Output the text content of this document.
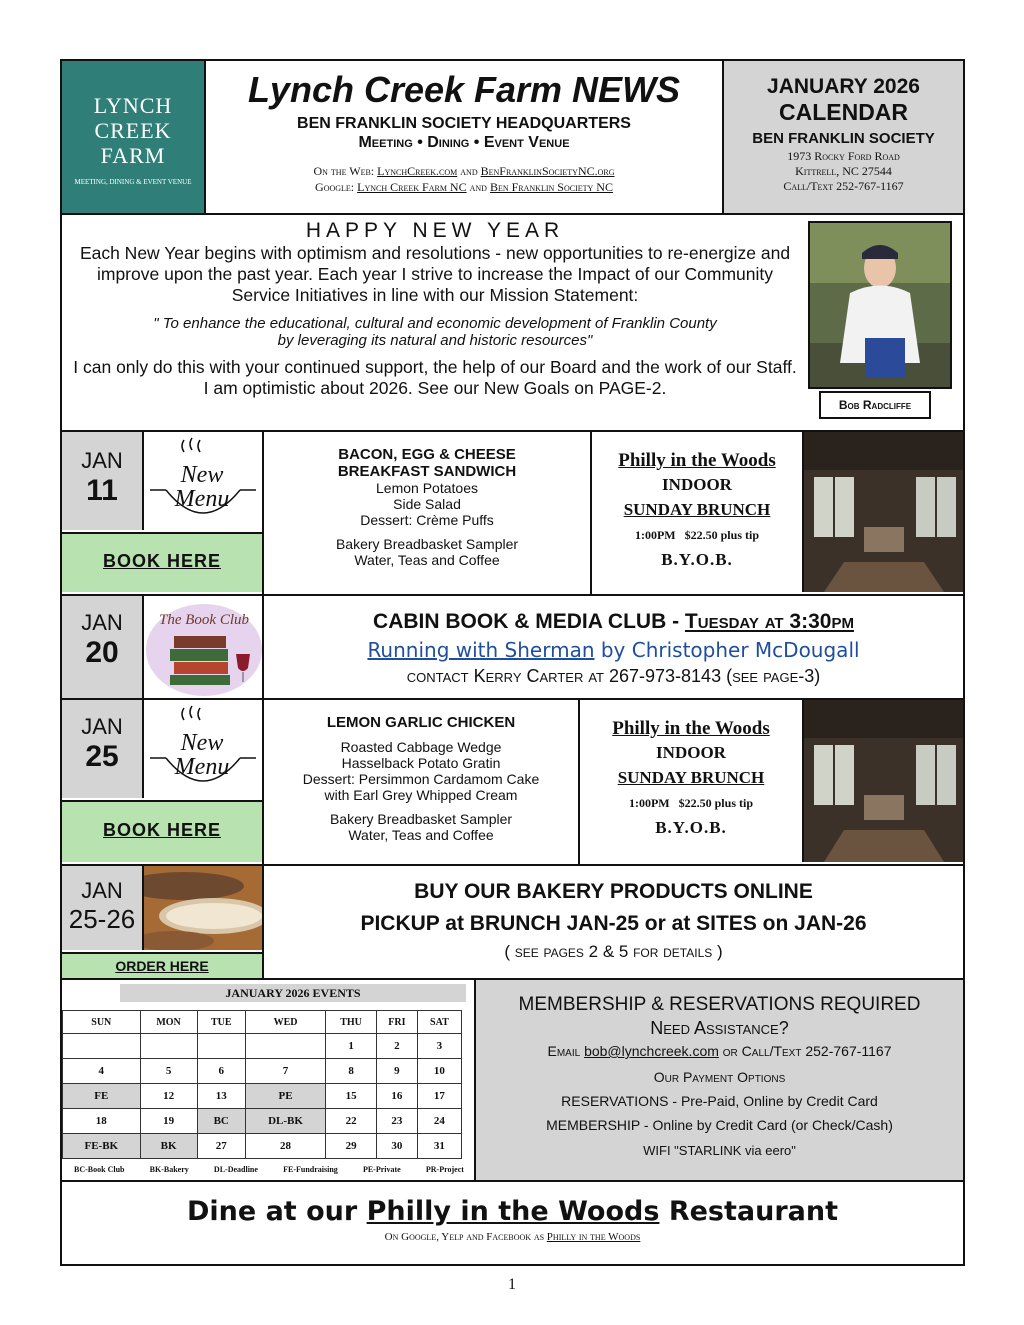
LYNCH
CREEK
FARM
MEETING, DINING & EVENT VENUE
Lynch Creek Farm NEWS
BEN FRANKLIN SOCIETY HEADQUARTERS
Meeting • Dining • Event Venue
On the Web: LynchCreek.com and BenFranklinSocietyNC.org
Google: Lynch Creek Farm NC and Ben Franklin Society NC
JANUARY 2026
CALENDAR
BEN FRANKLIN SOCIETY
1973 Rocky Ford Road
Kittrell, NC 27544
Call/Text 252-767-1167
HAPPY NEW YEAR
Each New Year begins with optimism and resolutions - new opportunities to re-energize and improve upon the past year. Each year I strive to increase the Impact of our Community Service Initiatives in line with our Mission Statement:
" To enhance the educational, cultural and economic development of Franklin County
by leveraging its natural and historic resources"
I can only do this with your continued support, the help of our Board and the work of our Staff. I am optimistic about 2026. See our New Goals on PAGE-2.
Bob Radcliffe
JAN
11	New
Menu
BOOK HERE
BACON, EGG & CHEESE
BREAKFAST SANDWICH
Lemon Potatoes
Side Salad
Dessert: Crème Puffs
Bakery Breadbasket Sampler
Water, Teas and Coffee
Philly in the Woods
INDOOR
SUNDAY BRUNCH
1:00PM   $22.50 plus tip
B.Y.O.B.
JAN
20
The Book Club	CABIN BOOK & MEDIA CLUB - Tuesday at 3:30pm
Running with Sherman by Christopher McDougall
contact Kerry Carter at 267-973-8143 (see page-3)
JAN
25	New
Menu
BOOK HERE
LEMON GARLIC CHICKEN
Roasted Cabbage Wedge
Hasselback Potato Gratin
Dessert: Persimmon Cardamom Cake
with Earl Grey Whipped Cream
Bakery Breadbasket Sampler
Water, Teas and Coffee
Philly in the Woods
INDOOR
SUNDAY BRUNCH
1:00PM   $22.50 plus tip
B.Y.O.B.
JAN
25-26
ORDER HERE
BUY OUR BAKERY PRODUCTS ONLINE
PICKUP at BRUNCH JAN-25 or at SITES on JAN-26
( see pages 2 & 5 for details )
JANUARY 2026 EVENTS
SUN	MON	TUE	WED	THU	FRI	SAT
				1	2	3
4	5	6	7	8	9	10
FE	12	13	PE	15	16	17
18	19	BC	DL-BK	22	23	24
FE-BK	BK	27	28	29	30	31
BC-Book Club	BK-Bakery	DL-Deadline	FE-Fundraising	PE-Private	PR-Project
MEMBERSHIP & RESERVATIONS REQUIRED
Need Assistance?
Email bob@lynchcreek.com or Call/Text 252-767-1167
Our Payment Options
RESERVATIONS - Pre-Paid, Online by Credit Card
MEMBERSHIP - Online by Credit Card (or Check/Cash)
WIFI "STARLINK via eero"
Dine at our Philly in the Woods Restaurant
On Google, Yelp and Facebook as Philly in the Woods
1
